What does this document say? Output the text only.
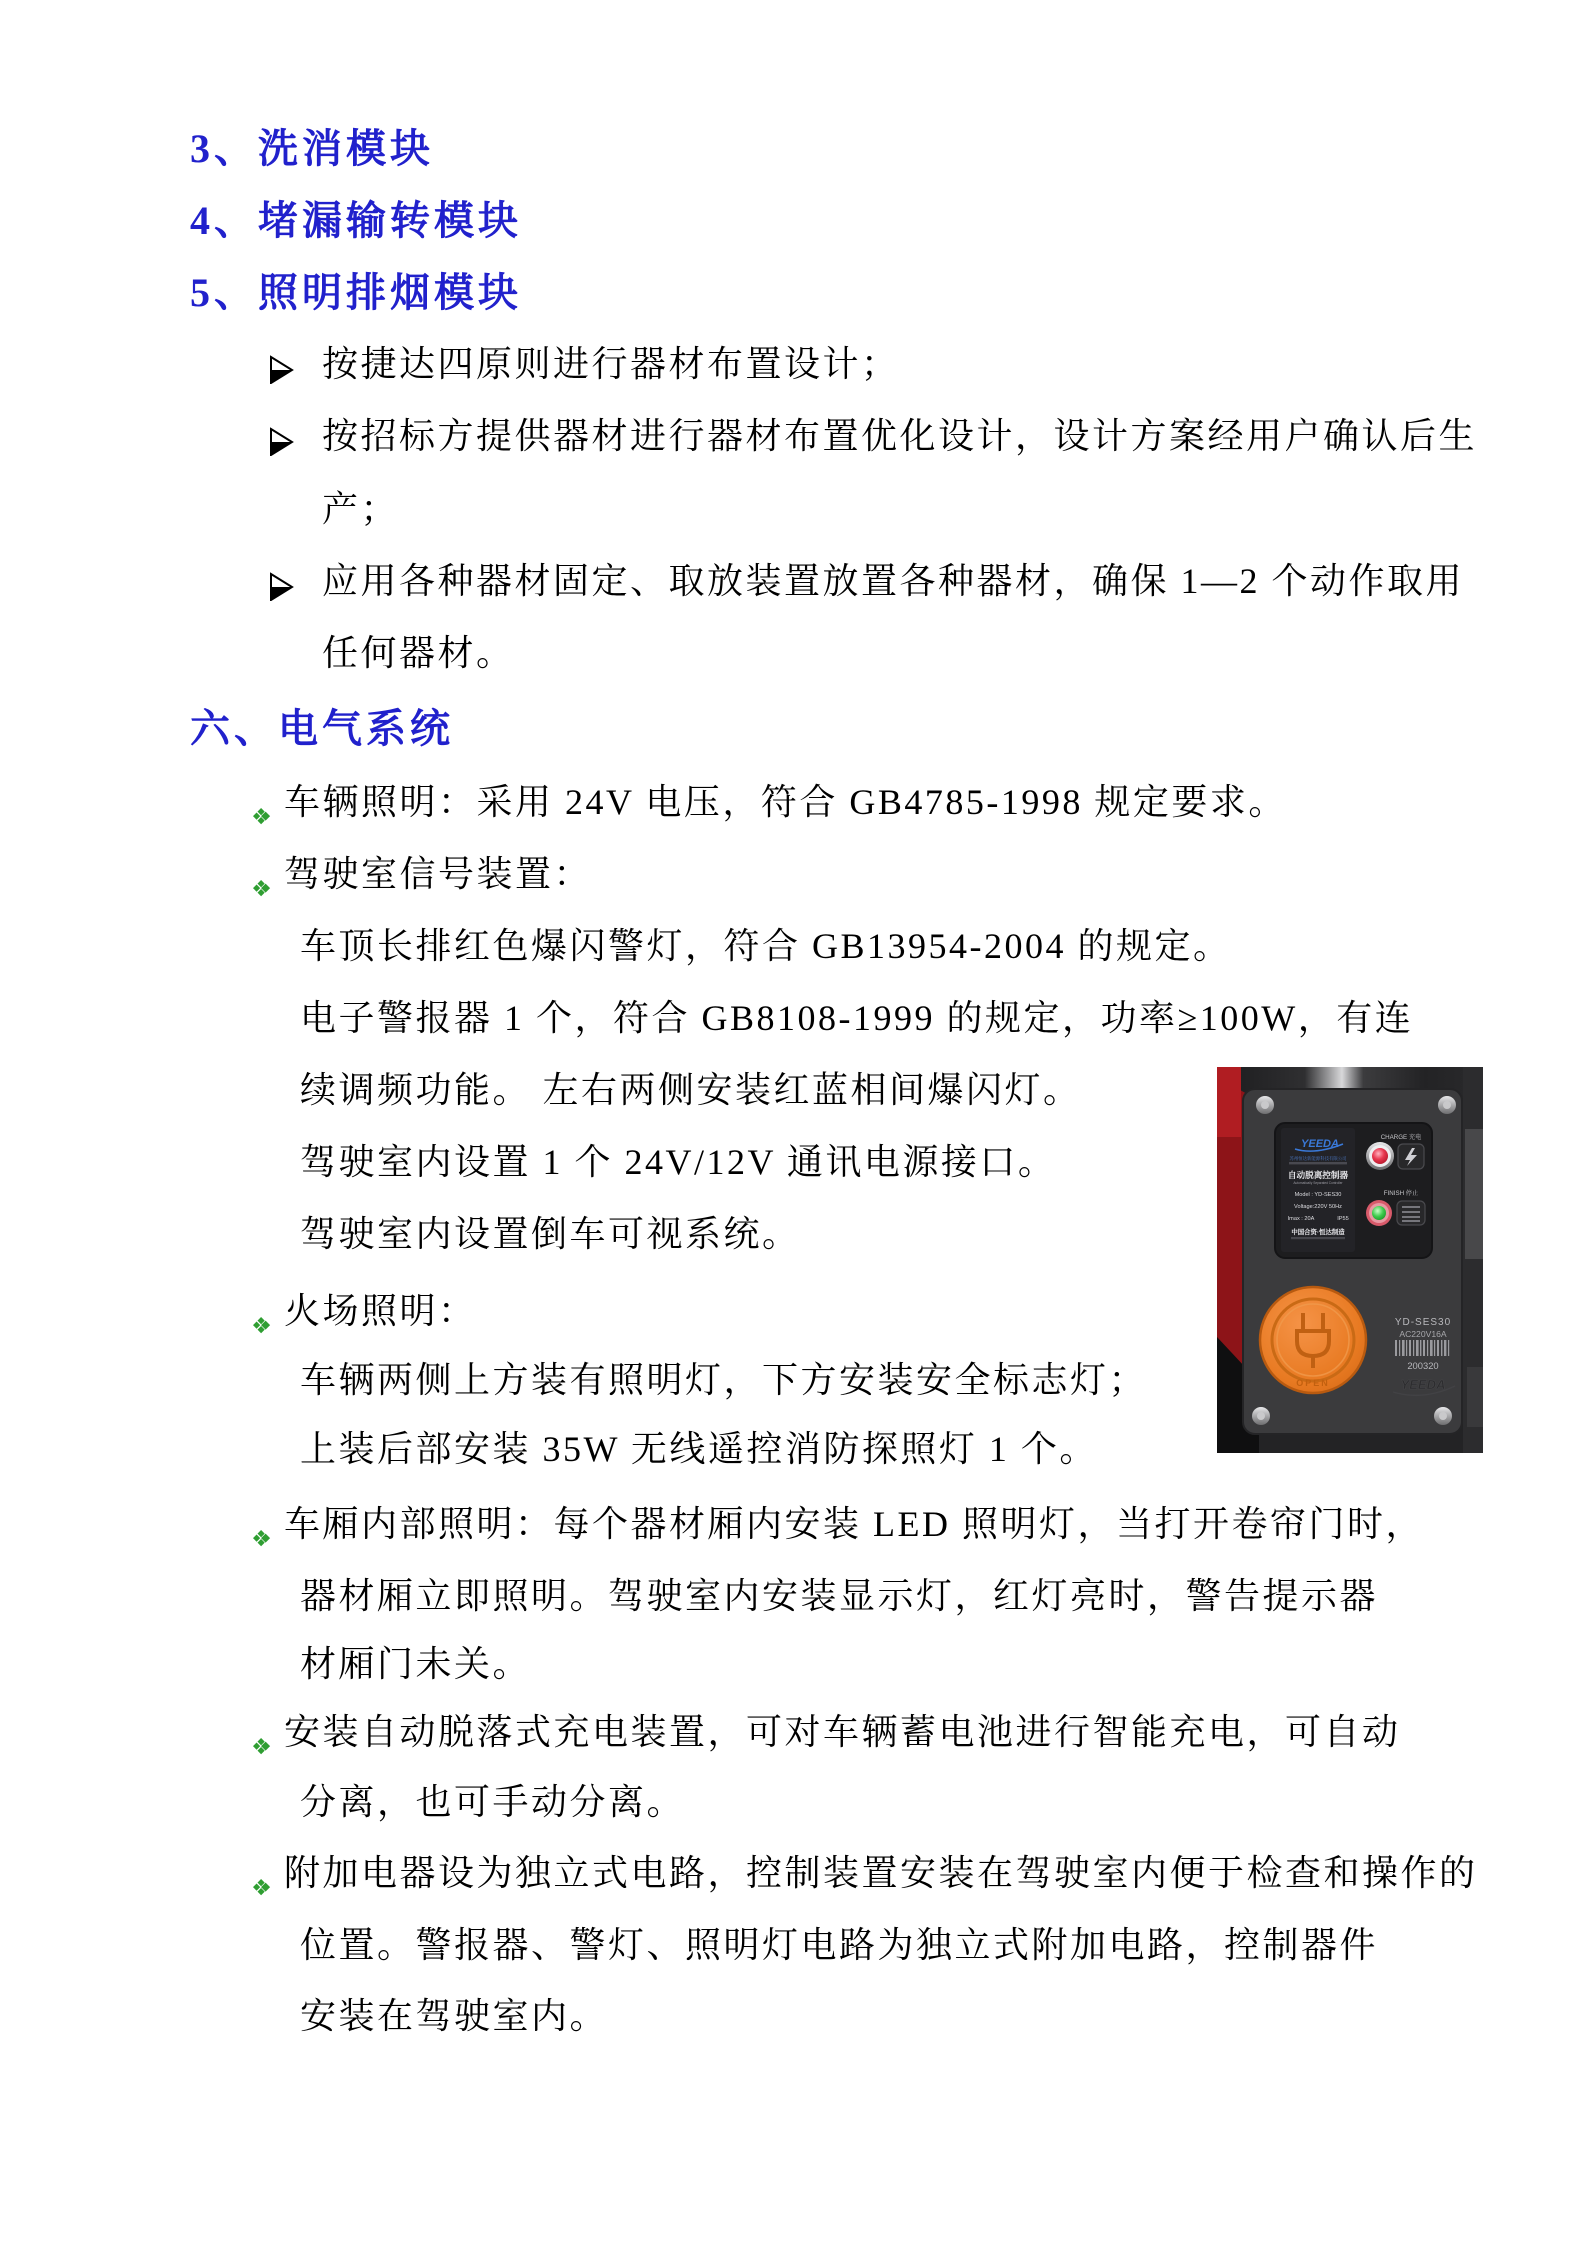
3、洗消模块
4、堵漏输转模块
5、照明排烟模块
按捷达四原则进行器材布置设计；
按招标方提供器材进行器材布置优化设计，设计方案经用户确认后生
产；
应用各种器材固定、取放装置放置各种器材，确保 1—2 个动作取用
任何器材。
六、电气系统
车辆照明：采用 24V 电压，符合 GB4785-1998 规定要求。
驾驶室信号装置：
车顶长排红色爆闪警灯，符合 GB13954-2004 的规定。
电子警报器 1 个，符合 GB8108-1999 的规定，功率≥100W，有连
续调频功能。 左右两侧安装红蓝相间爆闪灯。
驾驶室内设置 1 个 24V/12V 通讯电源接口。
驾驶室内设置倒车可视系统。
火场照明：
车辆两侧上方装有照明灯，下方安装安全标志灯；
上装后部安装 35W 无线遥控消防探照灯 1 个。
车厢内部照明：每个器材厢内安装 LED 照明灯，当打开卷帘门时，
器材厢立即照明。驾驶室内安装显示灯，红灯亮时，警告提示器
材厢门未关。
安装自动脱落式充电装置，可对车辆蓄电池进行智能充电，可自动
分离，也可手动分离。
附加电器设为独立式电路，控制装置安装在驾驶室内便于检查和操作的
位置。警报器、警灯、照明灯电路为独立式附加电路，控制器件
安装在驾驶室内。
YEEDA
苏州恒达新能源科技有限公司
自动脱离控制器
Automatically Separated Controller
Model : YD-SES30
Voltage:220V 50Hz
Imax : 20A	IP55
中国合资·恒达制造
CHARGE 充电
FINISH 停止
OPEN
YD-SES30
AC220V16A
200320
YEEDA
